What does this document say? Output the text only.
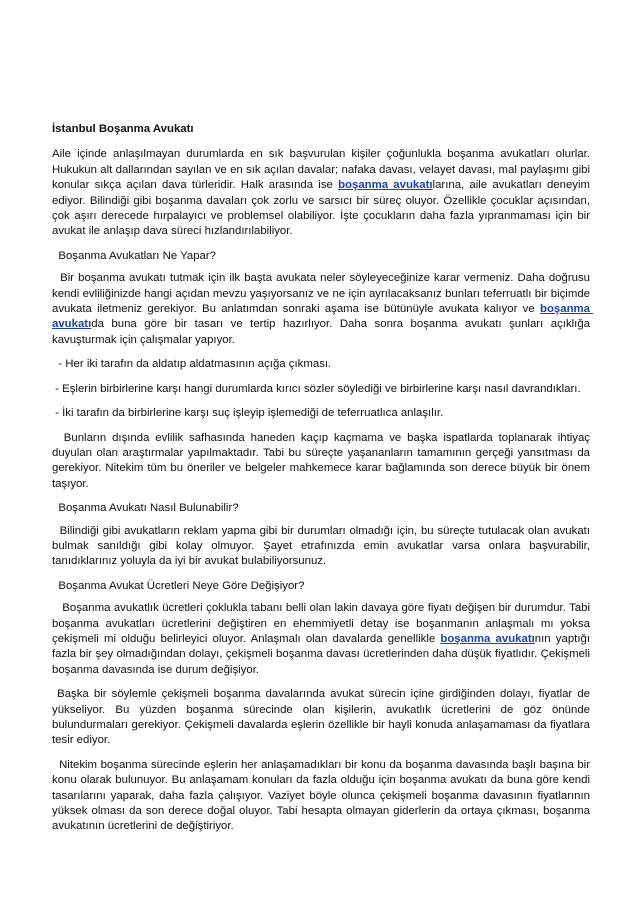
İstanbul Boşanma Avukatı

Aile içinde anlaşılmayan durumlarda en sık başvurulan kişiler çoğunlukla boşanma avukatları olurlar. Hukukun alt dallarından sayılan ve en sık açılan davalar; nafaka davası, velayet davası, mal paylaşımı gibi konular sıkça açılan dava türleridir. Halk arasında ise boşanma avukatılarına, aile avukatları deneyim ediyor. Bilindiği gibi boşanma davaları çok zorlu ve sarsıcı bir süreç oluyor. Özellikle çocuklar açısından, çok aşırı derecede hırpalayıcı ve problemsel olabiliyor. İşte çocukların daha fazla yıpranmaması için bir avukat ile anlaşıp dava süreci hızlandırılabiliyor.

Boşanma Avukatları Ne Yapar?

Bir boşanma avukatı tutmak için ilk başta avukata neler söyleyeceğinize karar vermeniz. Daha doğrusu kendi evliliğinizde hangi açıdan mevzu yaşıyorsanız ve ne için ayrılacaksanız bunları teferruatlı bir biçimde avukata iletmeniz gerekiyor. Bu anlatımdan sonraki aşama ise bütünüyle avukata kalıyor ve boşanma avukatıda buna göre bir tasarı ve tertip hazırlıyor. Daha sonra boşanma avukatı şunları açıklığa kavuşturmak için çalışmalar yapıyor.

- Her iki tarafın da aldatıp aldatmasının açığa çıkması.

- Eşlerin birbirlerine karşı hangi durumlarda kırıcı sözler söylediği ve birbirlerine karşı nasıl davrandıkları.

- İki tarafın da birbirlerine karşı suç işleyip işlemediği de teferruatlıca anlaşılır.

Bunların dışında evlilik safhasında haneden kaçıp kaçmama ve başka ispatlarda toplanarak ihtiyaç duyulan olan araştırmalar yapılmaktadır. Tabi bu süreçte yaşananların tamamının gerçeği yansıtması da gerekiyor. Nitekim tüm bu öneriler ve belgeler mahkemece karar bağlamında son derece büyük bir önem taşıyor.

Boşanma Avukatı Nasıl Bulunabilir?

Bilindiği gibi avukatların reklam yapma gibi bir durumları olmadığı için, bu süreçte tutulacak olan avukatı bulmak sanıldığı gibi kolay olmuyor. Şayet etrafınızda emin avukatlar varsa onlara başvurabilir, tanıdıklarınız yoluyla da iyi bir avukat bulabiliyorsunuz.

Boşanma Avukat Ücretleri Neye Göre Değişiyor?

Boşanma avukatlık ücretleri çoklukla tabanı belli olan lakin davaya göre fiyatı değişen bir durumdur. Tabi boşanma avukatları ücretlerini değiştiren en ehemmiyetli detay ise boşanmanın anlaşmalı mı yoksa çekişmeli mi olduğu belirleyici oluyor. Anlaşmalı olan davalarda genellikle boşanma avukatının yaptığı fazla bir şey olmadığından dolayı, çekişmeli boşanma davası ücretlerinden daha düşük fiyatlıdır. Çekişmeli boşanma davasında ise durum değişiyor.

Başka bir söylemle çekişmeli boşanma davalarında avukat sürecin içine girdiğinden dolayı, fiyatlar de yükseliyor. Bu yüzden boşanma sürecinde olan kişilerin, avukatlık ücretlerini de göz önünde bulundurmaları gerekiyor. Çekişmeli davalarda eşlerin özellikle bir hayli konuda anlaşamaması da fiyatlara tesir ediyor.

Nitekim boşanma sürecinde eşlerin her anlaşamadıkları bir konu da boşanma davasında başlı başına bir konu olarak bulunuyor. Bu anlaşamam konuları da fazla olduğu için boşanma avukatı da buna göre kendi tasarılarını yaparak, daha fazla çalışıyor. Vaziyet böyle olunca çekişmeli boşanma davasının fiyatlarının yüksek olması da son derece doğal oluyor. Tabi hesapta olmayan giderlerin da ortaya çıkması, boşanma avukatının ücretlerini de değiştiriyor.
